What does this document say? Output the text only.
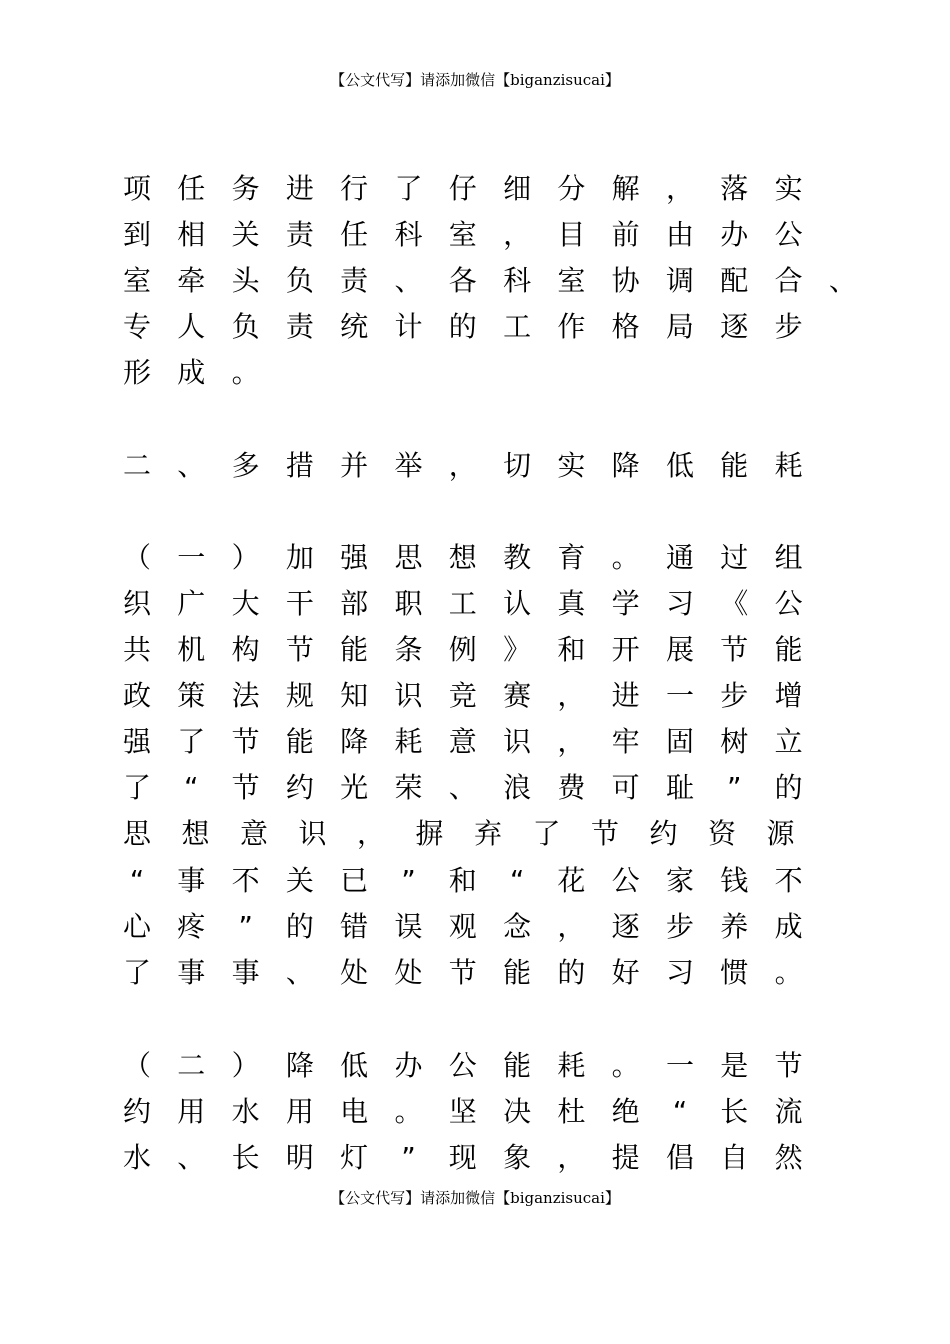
【公文代写】请添加微信【biganzisucai】
项 任 务 进 行 了 仔 细 分 解 ， 落 实
到 相 关 责 任 科 室 ， 目 前 由 办 公
室 牵 头 负 责 、 各 科 室 协 调 配 合 、
专 人 负 责 统 计 的 工 作 格 局 逐 步
形 成 。
二 、 多 措 并 举 ， 切 实 降 低 能 耗
（ 一 ） 加 强 思 想 教 育 。 通 过 组
织 广 大 干 部 职 工 认 真 学 习 《 公
共 机 构 节 能 条 例 》 和 开 展 节 能
政 策 法 规 知 识 竞 赛 ， 进 一 步 增
强 了 节 能 降 耗 意 识 ， 牢 固 树 立
了 “ 节 约 光 荣 、 浪 费 可 耻 ” 的
思 想 意 识 ， 摒 弃 了 节 约 资 源
“ 事 不 关 已 ” 和 “ 花 公 家 钱 不
心 疼 ” 的 错 误 观 念 ， 逐 步 养 成
了 事 事 、 处 处 节 能 的 好 习 惯 。
（ 二 ） 降 低 办 公 能 耗 。 一 是 节
约 用 水 用 电 。 坚 决 杜 绝 “ 长 流
水 、 长 明 灯 ” 现 象 ， 提 倡 自 然
【公文代写】请添加微信【biganzisucai】
